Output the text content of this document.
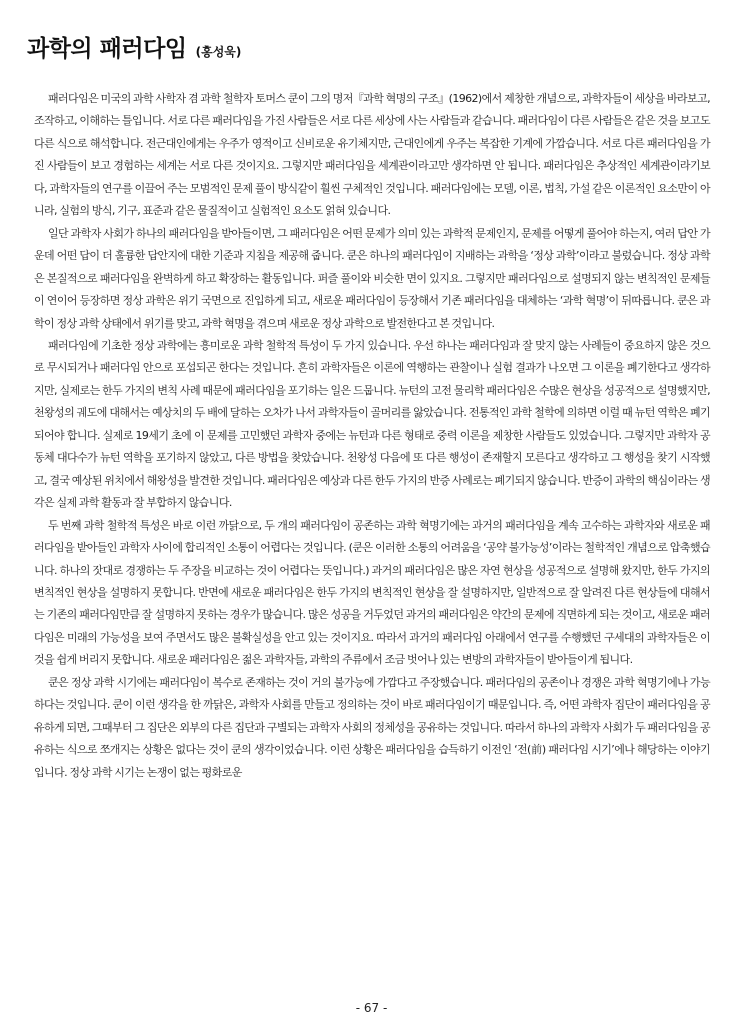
과학의 패러다임 (홍성욱)

패러다임은 미국의 과학 사학자 겸 과학 철학자 토머스 쿤이 그의 명저『과학 혁명의 구조』(1962)에서 제창한 개념으로, 과학자들이 세상을 바라보고, 조작하고, 이해하는 틀입니다. 서로 다른 패러다임을 가진 사람들은 서로 다른 세상에 사는 사람들과 같습니다. 패러다임이 다른 사람들은 같은 것을 보고도 다른 식으로 해석합니다. 전근대인에게는 우주가 영적이고 신비로운 유기체지만, 근대인에게 우주는 복잡한 기계에 가깝습니다. 서로 다른 패러다임을 가진 사람들이 보고 경험하는 세계는 서로 다른 것이지요. 그렇지만 패러다임을 세계관이라고만 생각하면 안 됩니다. 패러다임은 추상적인 세계관이라기보다, 과학자들의 연구를 이끌어 주는 모범적인 문제 풀이 방식같이 훨씬 구체적인 것입니다. 패러다임에는 모델, 이론, 법칙, 가설 같은 이론적인 요소만이 아니라, 실험의 방식, 기구, 표준과 같은 물질적이고 실험적인 요소도 얽혀 있습니다.

일단 과학자 사회가 하나의 패러다임을 받아들이면, 그 패러다임은 어떤 문제가 의미 있는 과학적 문제인지, 문제를 어떻게 풀어야 하는지, 여러 답안 가운데 어떤 답이 더 훌륭한 답안지에 대한 기준과 지침을 제공해 줍니다. 쿤은 하나의 패러다임이 지배하는 과학을 ‘정상 과학’이라고 불렀습니다. 정상 과학은 본질적으로 패러다임을 완벽하게 하고 확장하는 활동입니다. 퍼즐 풀이와 비슷한 면이 있지요. 그렇지만 패러다임으로 설명되지 않는 변칙적인 문제들이 연이어 등장하면 정상 과학은 위기 국면으로 진입하게 되고, 새로운 패러다임이 등장해서 기존 패러다임을 대체하는 ‘과학 혁명’이 뒤따릅니다. 쿤은 과학이 정상 과학 상태에서 위기를 맞고, 과학 혁명을 겪으며 새로운 정상 과학으로 발전한다고 본 것입니다.

패러다임에 기초한 정상 과학에는 흥미로운 과학 철학적 특성이 두 가지 있습니다. 우선 하나는 패러다임과 잘 맞지 않는 사례들이 중요하지 않은 것으로 무시되거나 패러다임 안으로 포섭되곤 한다는 것입니다. 흔히 과학자들은 이론에 역행하는 관찰이나 실험 결과가 나오면 그 이론을 폐기한다고 생각하지만, 실제로는 한두 가지의 변칙 사례 때문에 패러다임을 포기하는 일은 드뭅니다. 뉴턴의 고전 물리학 패러다임은 수많은 현상을 성공적으로 설명했지만, 천왕성의 궤도에 대해서는 예상치의 두 배에 달하는 오차가 나서 과학자들이 골머리를 앓았습니다. 전통적인 과학 철학에 의하면 이럴 때 뉴턴 역학은 폐기되어야 합니다. 실제로 19세기 초에 이 문제를 고민했던 과학자 중에는 뉴턴과 다른 형태로 중력 이론을 제창한 사람들도 있었습니다. 그렇지만 과학자 공동체 대다수가 뉴턴 역학을 포기하지 않았고, 다른 방법을 찾았습니다. 천왕성 다음에 또 다른 행성이 존재할지 모른다고 생각하고 그 행성을 찾기 시작했고, 결국 예상된 위치에서 해왕성을 발견한 것입니다. 패러다임은 예상과 다른 한두 가지의 반증 사례로는 폐기되지 않습니다. 반증이 과학의 핵심이라는 생각은 실제 과학 활동과 잘 부합하지 않습니다.

두 번째 과학 철학적 특성은 바로 이런 까닭으로, 두 개의 패러다임이 공존하는 과학 혁명기에는 과거의 패러다임을 계속 고수하는 과학자와 새로운 패러다임을 받아들인 과학자 사이에 합리적인 소통이 어렵다는 것입니다. (쿤은 이러한 소통의 어려움을 ‘공약 불가능성’이라는 철학적인 개념으로 압축했습니다. 하나의 잣대로 경쟁하는 두 주장을 비교하는 것이 어렵다는 뜻입니다.) 과거의 패러다임은 많은 자연 현상을 성공적으로 설명해 왔지만, 한두 가지의 변칙적인 현상을 설명하지 못합니다. 반면에 새로운 패러다임은 한두 가지의 변칙적인 현상을 잘 설명하지만, 일반적으로 잘 알려진 다른 현상들에 대해서는 기존의 패러다임만큼 잘 설명하지 못하는 경우가 많습니다. 많은 성공을 거두었던 과거의 패러다임은 약간의 문제에 직면하게 되는 것이고, 새로운 패러다임은 미래의 가능성을 보여 주면서도 많은 불확실성을 안고 있는 것이지요. 따라서 과거의 패러다임 아래에서 연구를 수행했던 구세대의 과학자들은 이것을 쉽게 버리지 못합니다. 새로운 패러다임은 젊은 과학자들, 과학의 주류에서 조금 벗어나 있는 변방의 과학자들이 받아들이게 됩니다.

쿤은 정상 과학 시기에는 패러다임이 복수로 존재하는 것이 거의 불가능에 가깝다고 주장했습니다. 패러다임의 공존이나 경쟁은 과학 혁명기에나 가능하다는 것입니다. 쿤이 이런 생각을 한 까닭은, 과학자 사회를 만들고 정의하는 것이 바로 패러다임이기 때문입니다. 즉, 어떤 과학자 집단이 패러다임을 공유하게 되면, 그때부터 그 집단은 외부의 다른 집단과 구별되는 과학자 사회의 정체성을 공유하는 것입니다. 따라서 하나의 과학자 사회가 두 패러다임을 공유하는 식으로 쪼개지는 상황은 없다는 것이 쿤의 생각이었습니다. 이런 상황은 패러다임을 습득하기 이전인 ‘전(前) 패러다임 시기’에나 해당하는 이야기입니다. 정상 과학 시기는 논쟁이 없는 평화로운

- 67 -
